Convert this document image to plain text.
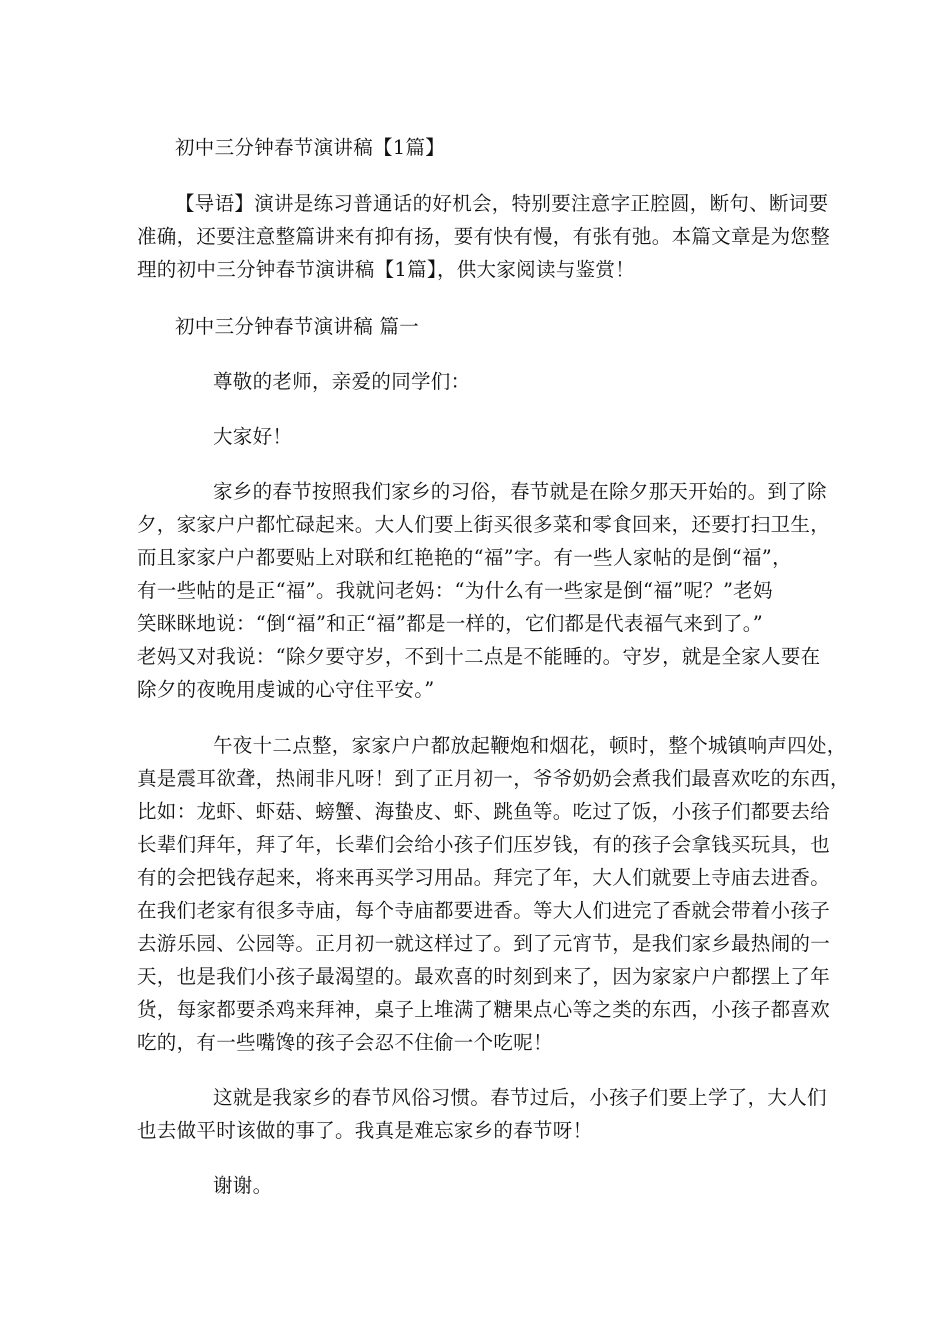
初中三分钟春节演讲稿【1篇】
【导语】演讲是练习普通话的好机会，特别要注意字正腔圆，断句、断词要
准确，还要注意整篇讲来有抑有扬，要有快有慢，有张有弛。本篇文章是为您整
理的初中三分钟春节演讲稿【1篇】，供大家阅读与鉴赏！
初中三分钟春节演讲稿 篇一
尊敬的老师，亲爱的同学们：
大家好！
家乡的春节按照我们家乡的习俗，春节就是在除夕那天开始的。到了除
夕，家家户户都忙碌起来。大人们要上街买很多菜和零食回来，还要打扫卫生，
而且家家户户都要贴上对联和红艳艳的“福”字。有一些人家帖的是倒“福”，
有一些帖的是正“福”。我就问老妈：“为什么有一些家是倒“福”呢？”老妈
笑眯眯地说：“倒“福”和正“福”都是一样的，它们都是代表福气来到了。”
老妈又对我说：“除夕要守岁，不到十二点是不能睡的。守岁，就是全家人要在
除夕的夜晚用虔诚的心守住平安。”
午夜十二点整，家家户户都放起鞭炮和烟花，顿时，整个城镇响声四处，
真是震耳欲聋，热闹非凡呀！到了正月初一，爷爷奶奶会煮我们最喜欢吃的东西，
比如：龙虾、虾菇、螃蟹、海蛰皮、虾、跳鱼等。吃过了饭，小孩子们都要去给
长辈们拜年，拜了年，长辈们会给小孩子们压岁钱，有的孩子会拿钱买玩具，也
有的会把钱存起来，将来再买学习用品。拜完了年，大人们就要上寺庙去进香。
在我们老家有很多寺庙，每个寺庙都要进香。等大人们进完了香就会带着小孩子
去游乐园、公园等。正月初一就这样过了。到了元宵节，是我们家乡最热闹的一
天，也是我们小孩子最渴望的。最欢喜的时刻到来了，因为家家户户都摆上了年
货，每家都要杀鸡来拜神，桌子上堆满了糖果点心等之类的东西，小孩子都喜欢
吃的，有一些嘴馋的孩子会忍不住偷一个吃呢！
这就是我家乡的春节风俗习惯。春节过后，小孩子们要上学了，大人们
也去做平时该做的事了。我真是难忘家乡的春节呀！
谢谢。
